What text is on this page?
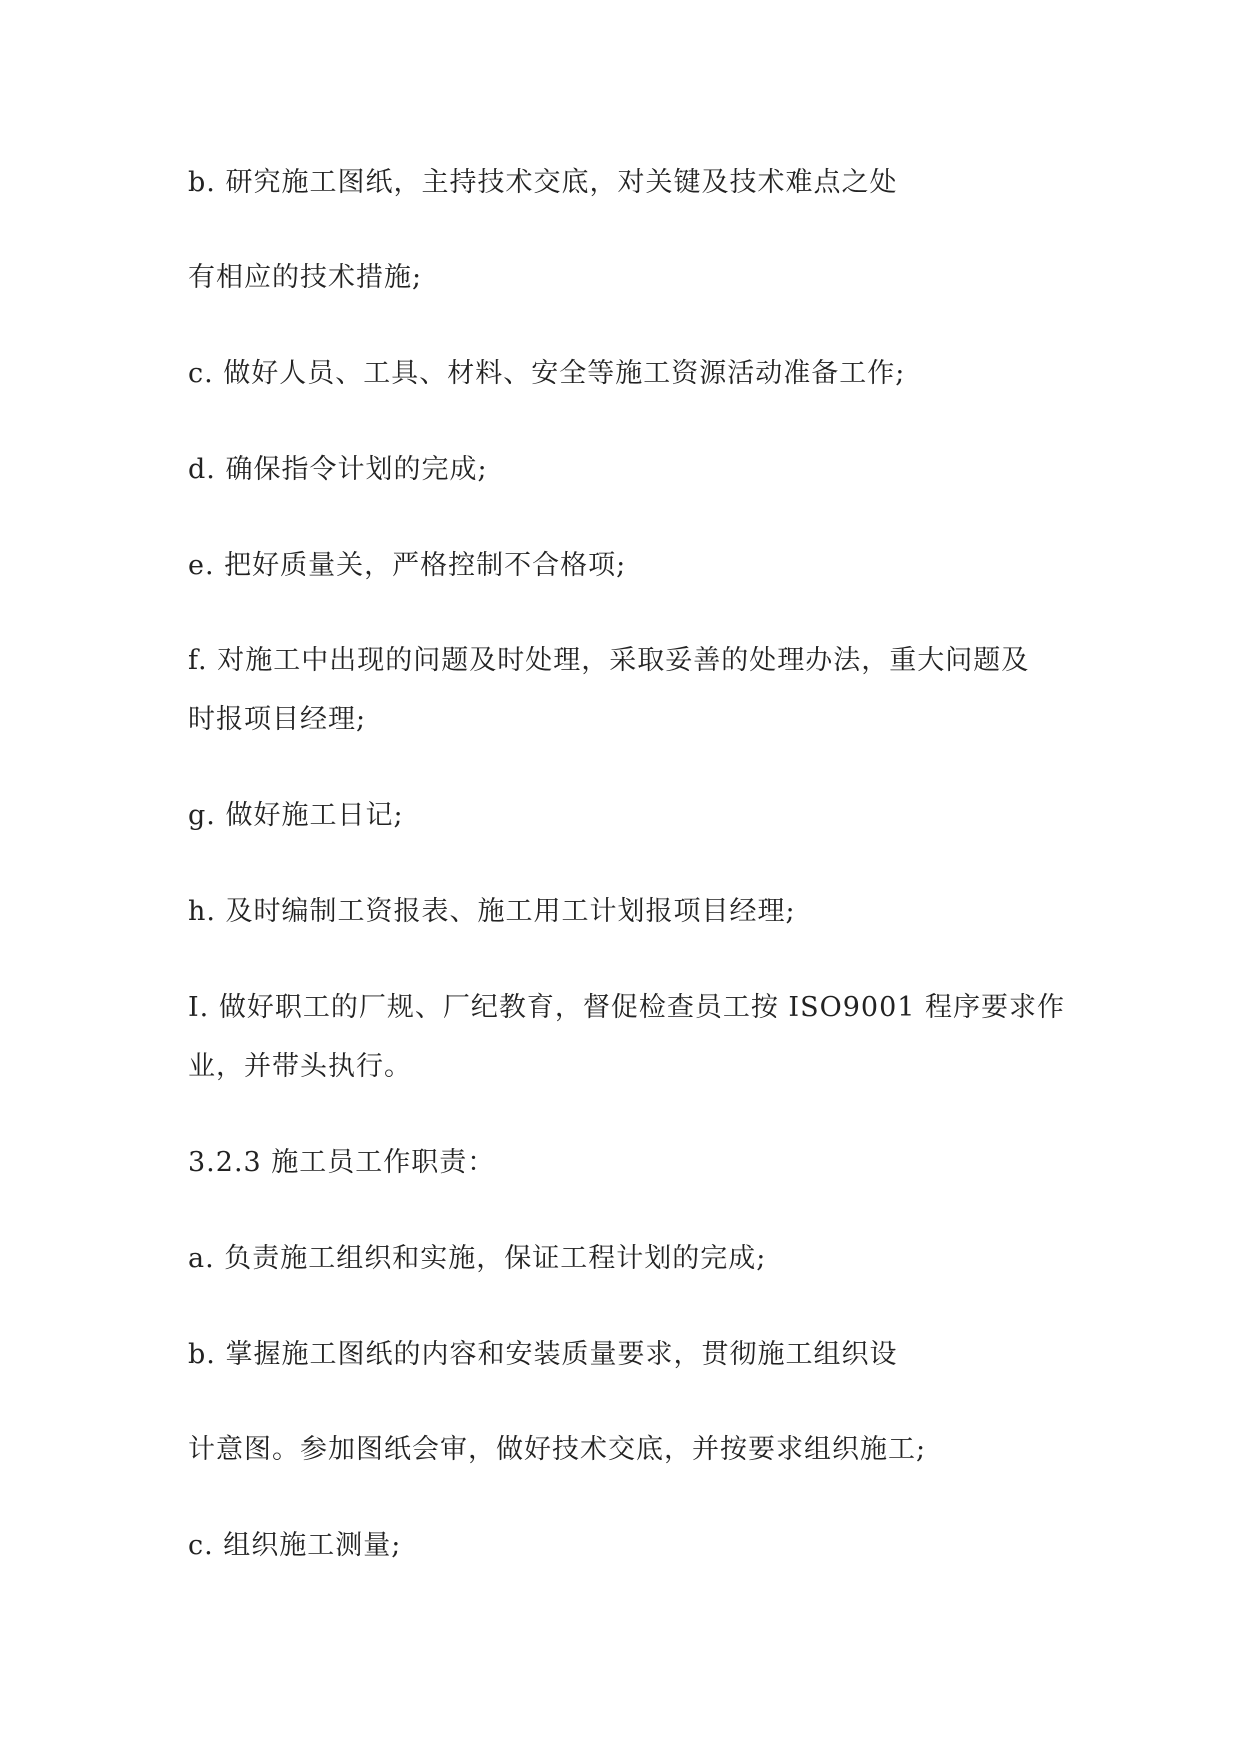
b. 研究施工图纸，主持技术交底，对关键及技术难点之处
有相应的技术措施;
c. 做好人员、工具、材料、安全等施工资源活动准备工作;
d. 确保指令计划的完成;
e. 把好质量关，严格控制不合格项;
f. 对施工中出现的问题及时处理，采取妥善的处理办法，重大问题及
时报项目经理;
g. 做好施工日记;
h. 及时编制工资报表、施工用工计划报项目经理;
I. 做好职工的厂规、厂纪教育，督促检查员工按 ISO9001 程序要求作
业，并带头执行。
3.2.3 施工员工作职责：
a. 负责施工组织和实施，保证工程计划的完成;
b. 掌握施工图纸的内容和安装质量要求，贯彻施工组织设
计意图。参加图纸会审，做好技术交底，并按要求组织施工;
c. 组织施工测量;
